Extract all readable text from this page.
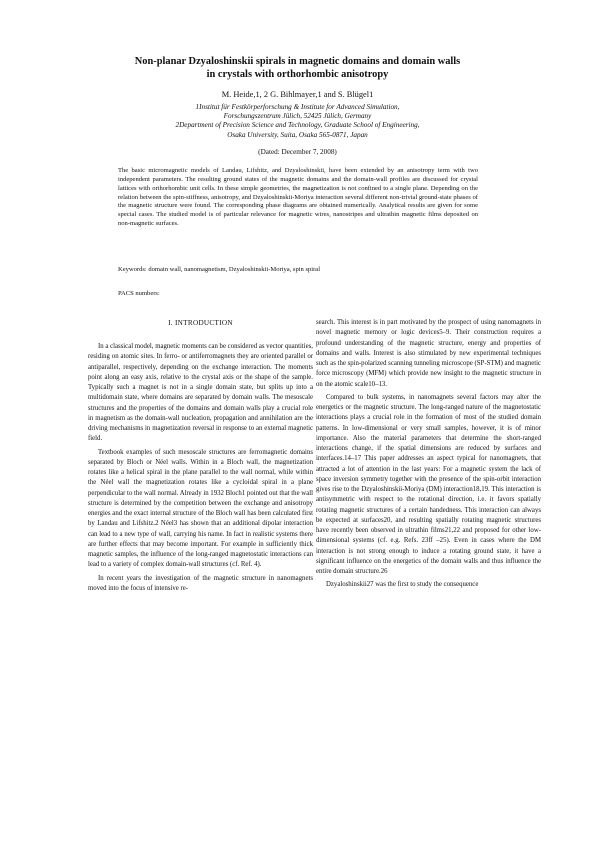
Non-planar Dzyaloshinskii spirals in magnetic domains and domain walls
in crystals with orthorhombic anisotropy
M. Heide,1, 2 G. Bihlmayer,1 and S. Blügel1
1Institut für Festkörperforschung & Institute for Advanced Simulation,
Forschungszentrum Jülich, 52425 Jülich, Germany
2Department of Precision Science and Technology, Graduate School of Engineering,
Osaka University, Suita, Osaka 565-0871, Japan
(Dated: December 7, 2008)
The basic micromagnetic models of Landau, Lifshitz, and Dzyaloshinskii, have been extended by an anisotropy term with two independent parameters. The resulting ground states of the magnetic domains and the domain-wall profiles are discussed for crystal lattices with orthorhombic unit cells. In these simple geometries, the magnetization is not confined to a single plane. Depending on the relation between the spin-stiffness, anisotropy, and Dzyaloshinskii-Moriya interaction several different non-trivial ground-state phases of the magnetic structure were found. The corresponding phase diagrams are obtained numerically. Analytical results are given for some special cases. The studied model is of particular relevance for magnetic wires, nanostripes and ultrathin magnetic films deposited on non-magnetic surfaces.
Keywords: domain wall, nanomagnetism, Dzyaloshinskii-Moriya, spin spiral
PACS numbers:
I. INTRODUCTION

In a classical model, magnetic moments can be considered as vector quantities, residing on atomic sites. In ferro- or antiferromagnets they are oriented parallel or antiparallel, respectively, depending on the exchange interaction. The moments point along an easy axis, relative to the crystal axis or the shape of the sample. Typically such a magnet is not in a single domain state, but splits up into a multidomain state, where domains are separated by domain walls. The mesoscale structures and the properties of the domains and domain walls play a crucial role in magnetism as the domain-wall nucleation, propagation and annihilation are the driving mechanisms in magnetization reversal in response to an external magnetic field.

Textbook examples of such mesoscale structures are ferromagnetic domains separated by Bloch or Néel walls. Within in a Bloch wall, the magnetization rotates like a helical spiral in the plane parallel to the wall normal, while within the Néel wall the magnetization rotates like a cycloidal spiral in a plane perpendicular to the wall normal. Already in 1932 Bloch1 pointed out that the wall structure is determined by the competition between the exchange and anisotropy energies and the exact internal structure of the Bloch wall has been calculated first by Landau and Lifshitz.2 Néel3 has shown that an additional dipolar interaction can lead to a new type of wall, carrying his name. In fact in realistic systems there are further effects that may become important. For example in sufficiently thick magnetic samples, the influence of the long-ranged magnetostatic interactions can lead to a variety of complex domain-wall structures (cf. Ref. 4).

In recent years the investigation of the magnetic structure in nanomagnets moved into the focus of intensive re-

search. This interest is in part motivated by the prospect of using nanomagnets in novel magnetic memory or logic devices5–9. Their construction requires a profound understanding of the magnetic structure, energy and properties of domains and walls. Interest is also stimulated by new experimental techniques such as the spin-polarized scanning tunneling microscope (SP-STM) and magnetic force microscopy (MFM) which provide new insight to the magnetic structure in on the atomic scale10–13.

Compared to bulk systems, in nanomagnets several factors may alter the energetics or the magnetic structure. The long-ranged nature of the magnetostatic interactions plays a crucial role in the formation of most of the studied domain patterns. In low-dimensional or very small samples, however, it is of minor importance. Also the material parameters that determine the short-ranged interactions change, if the spatial dimensions are reduced by surfaces and interfaces.14–17 This paper addresses an aspect typical for nanomagnets, that attracted a lot of attention in the last years: For a magnetic system the lack of space inversion symmetry together with the presence of the spin-orbit interaction gives rise to the Dzyaloshinskii-Moriya (DM) interaction18,19. This interaction is antisymmetric with respect to the rotational direction, i.e. it favors spatially rotating magnetic structures of a certain handedness. This interaction can always be expected at surfaces20, and resulting spatially rotating magnetic structures have recently been observed in ultrathin films21,22 and proposed for other low-dimensional systems (cf. e.g. Refs. 23ff –25). Even in cases where the DM interaction is not strong enough to induce a rotating ground state, it have a significant influence on the energetics of the domain walls and thus influence the entire domain structure.26

Dzyaloshinskii27 was the first to study the consequence
